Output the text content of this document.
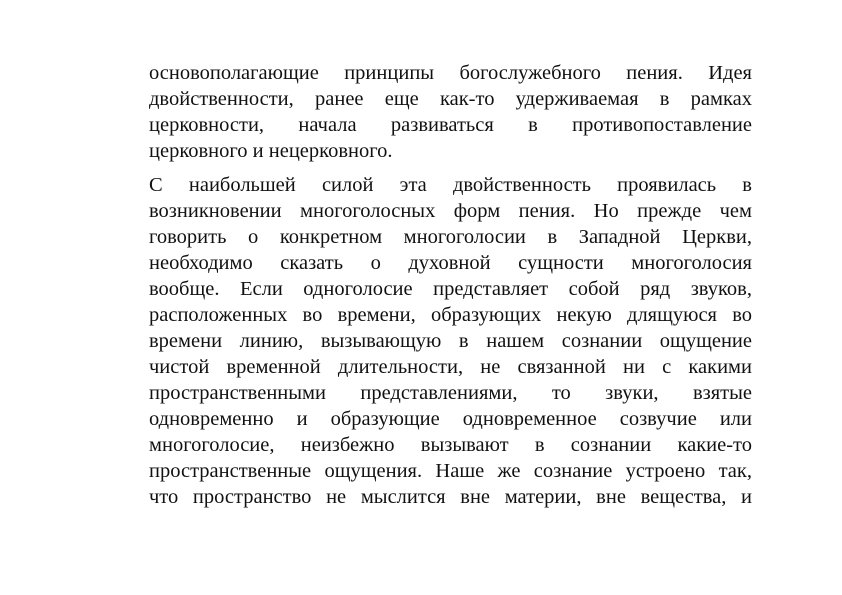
основополагающие принципы богослужебного пения. Идея
двойственности, ранее еще как-то удерживаемая в рамках
церковности, начала развиваться в противопоставление
церковного и нецерковного.

С наибольшей силой эта двойственность проявилась в
возникновении многоголосных форм пения. Но прежде чем
говорить о конкретном многоголосии в Западной Церкви,
необходимо сказать о духовной сущности многоголосия
вообще. Если одноголосие представляет собой ряд звуков,
расположенных во времени, образующих некую длящуюся во
времени линию, вызывающую в нашем сознании ощущение
чистой временной длительности, не связанной ни с какими
пространственными представлениями, то звуки, взятые
одновременно и образующие одновременное созвучие или
многоголосие, неизбежно вызывают в сознании какие-то
пространственные ощущения. Наше же сознание устроено так,
что пространство не мыслится вне материи, вне вещества, и
